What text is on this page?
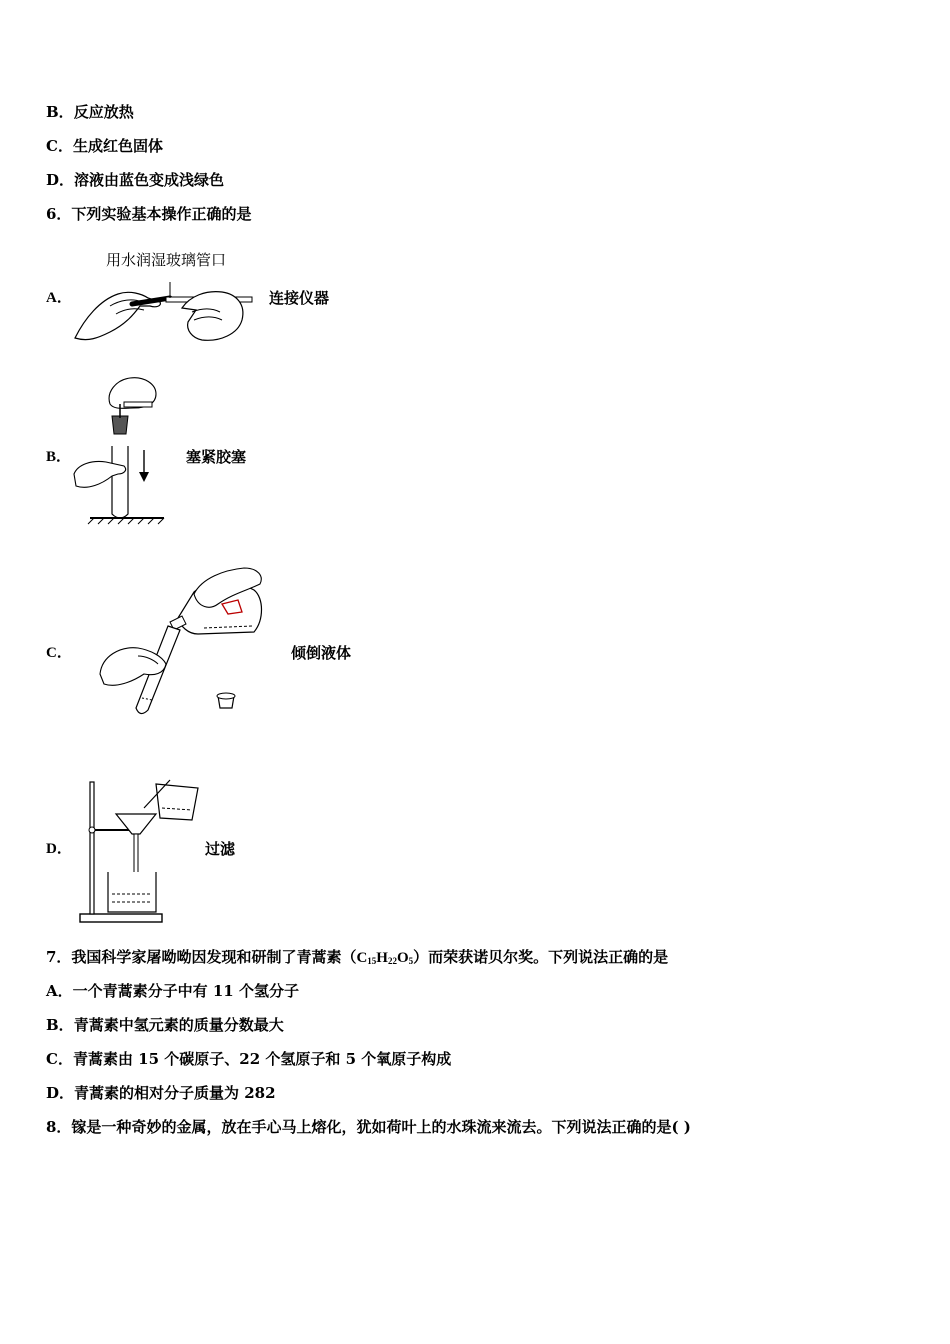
B．反应放热
C．生成红色固体
D．溶液由蓝色变成浅绿色
6．下列实验基本操作正确的是
A．
用水润湿玻璃管口
连接仪器
B．	塞紧胶塞
C．	倾倒液体
D．	过滤
7．我国科学家屠呦呦因发现和研制了青蒿素$(C_{15}H_{22}O_5)$而荣获诺贝尔奖。下列说法正确的是
A．一个青蒿素分子中有 11 个氢分子
B．青蒿素中氢元素的质量分数最大
C．青蒿素由 15 个碳原子、22 个氢原子和 5 个氧原子构成
D．青蒿素的相对分子质量为 282
8．镓是一种奇妙的金属，放在手心马上熔化，犹如荷叶上的水珠流来流去。下列说法正确的是( )
